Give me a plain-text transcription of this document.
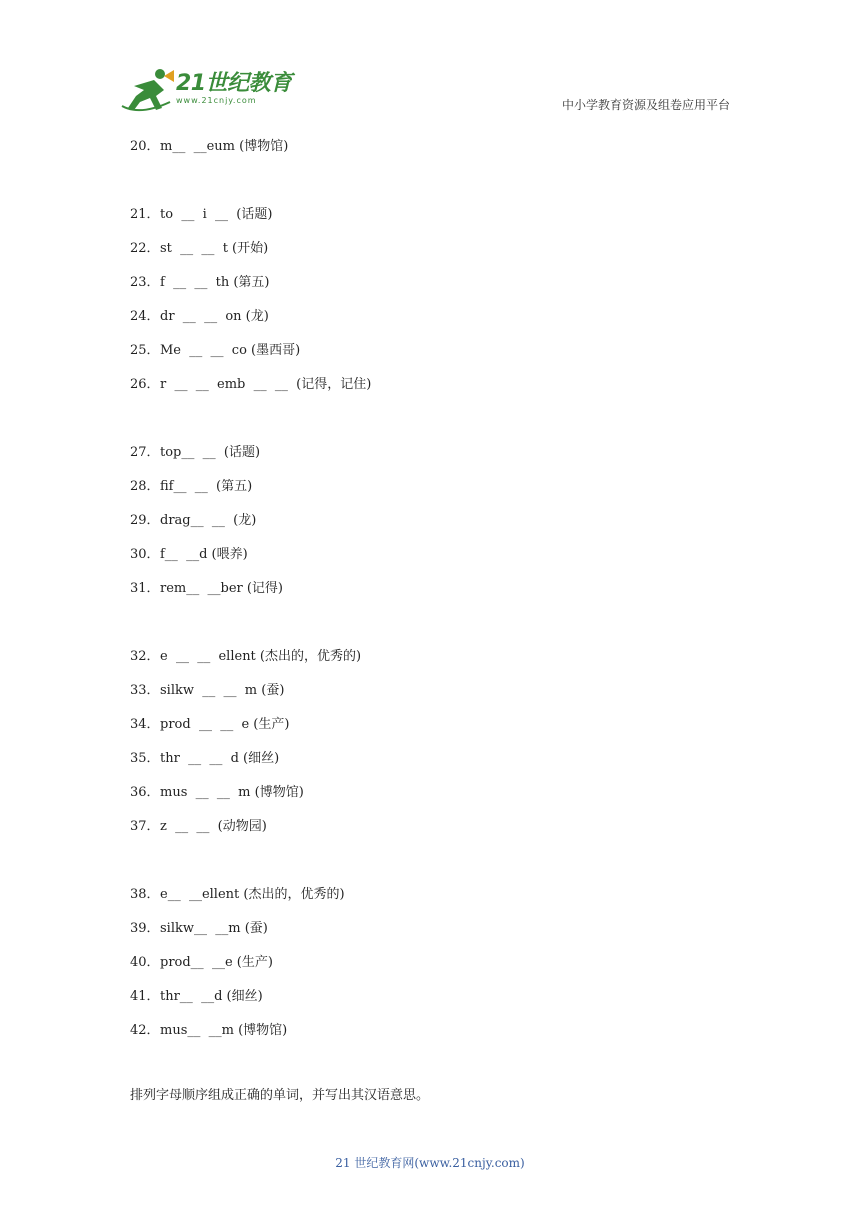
21世纪教育
www.21cnjy.com	中小学教育资源及组卷应用平台
20．m__  __eum (博物馆)
21．to  __  i  __  (话题)
22．st  __  __  t (开始)
23．f  __  __  th (第五)
24．dr  __  __  on (龙)
25．Me  __  __  co (墨西哥)
26．r  __  __  emb  __  __  (记得，记住)
27．top__  __  (话题)
28．fif__  __  (第五)
29．drag__  __  (龙)
30．f__  __d (喂养)
31．rem__  __ber (记得)
32．e  __  __  ellent (杰出的，优秀的)
33．silkw  __  __  m (蚕)
34．prod  __  __  e (生产)
35．thr  __  __  d (细丝)
36．mus  __  __  m (博物馆)
37．z  __  __  (动物园)
38．e__  __ellent (杰出的，优秀的)
39．silkw__  __m (蚕)
40．prod__  __e (生产)
41．thr__  __d (细丝)
42．mus__  __m (博物馆)
排列字母顺序组成正确的单词，并写出其汉语意思。
21 世纪教育网(www.21cnjy.com)
